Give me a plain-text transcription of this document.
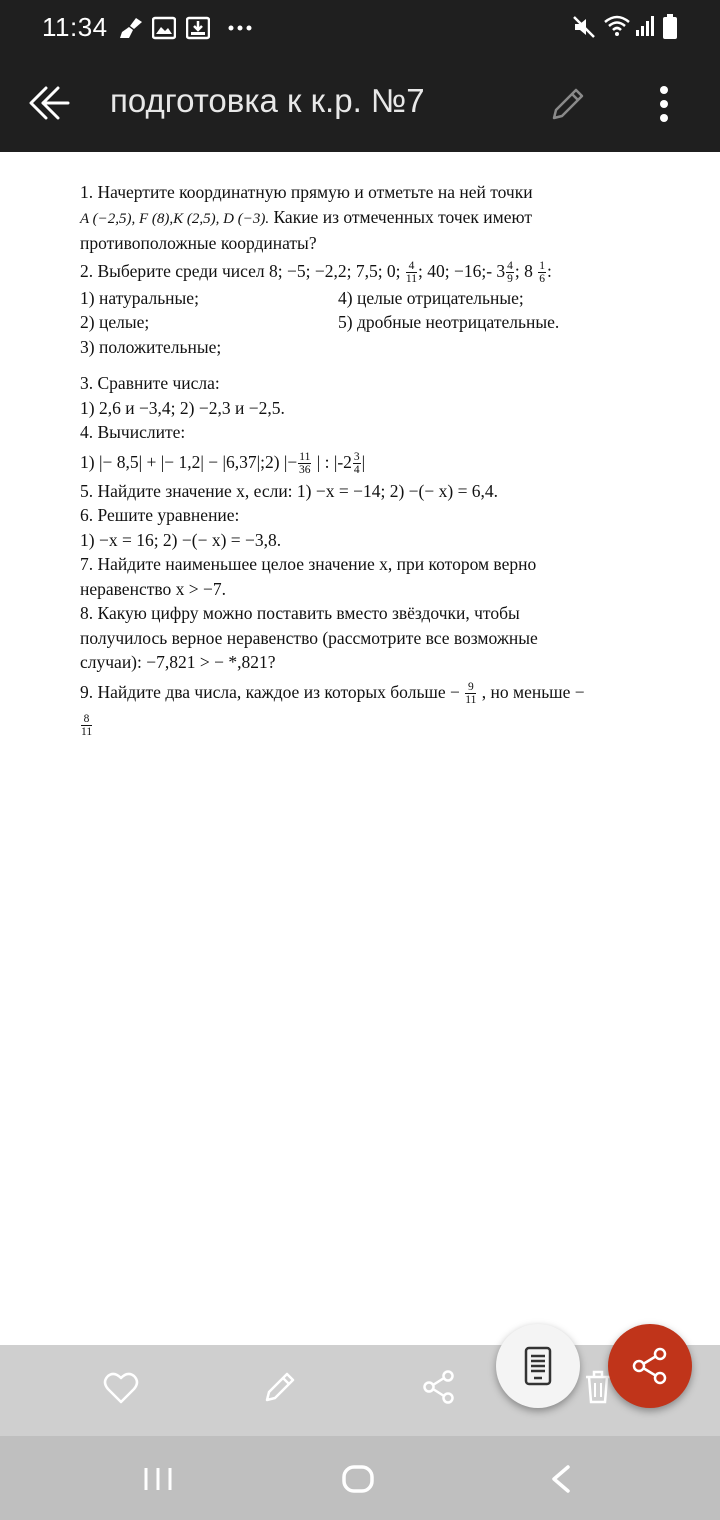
11:34
подготовка к к.р. №7

1. Начертите координатную прямую и отметьте на ней точки

A (−2,5), F (8),K (2,5), D (−3). Какие из отмеченных точек имеют

противоположные координаты?

2. Выберите среди чисел 8; −5; −2,2; 7,5; 0; $\frac{4}{11}$ ; 40; −16;- $3 \frac{4}{9}$ ; $8 \frac{1}{6}$ :

1) натуральные;	4) целые отрицательные;
2) целые;	5) дробные неотрицательные.

3) положительные;

3. Сравните числа:

1) 2,6 и −3,4; 2) −2,3 и −2,5.

4. Вычислите:

1) |− 8,5| + |− 1,2| − |6,37|;2) |− $\frac{11}{36}$ | : $|-2 \frac{3}{4}$ |

5. Найдите значение x, если: 1) −x = −14; 2) −(− x) = 6,4.

6. Решите уравнение:

1) −x = 16; 2) −(− x) = −3,8.

7. Найдите наименьшее целое значение x, при котором верно

неравенство x > −7.

8. Какую цифру можно поставить вместо звёздочки, чтобы

получилось верное неравенство (рассмотрите все возможные

случаи): −7,821 > − *,821?

9. Найдите два числа, каждое из которых больше − $\frac{9}{11}$ , но меньше −

$\frac{8}{11}$
